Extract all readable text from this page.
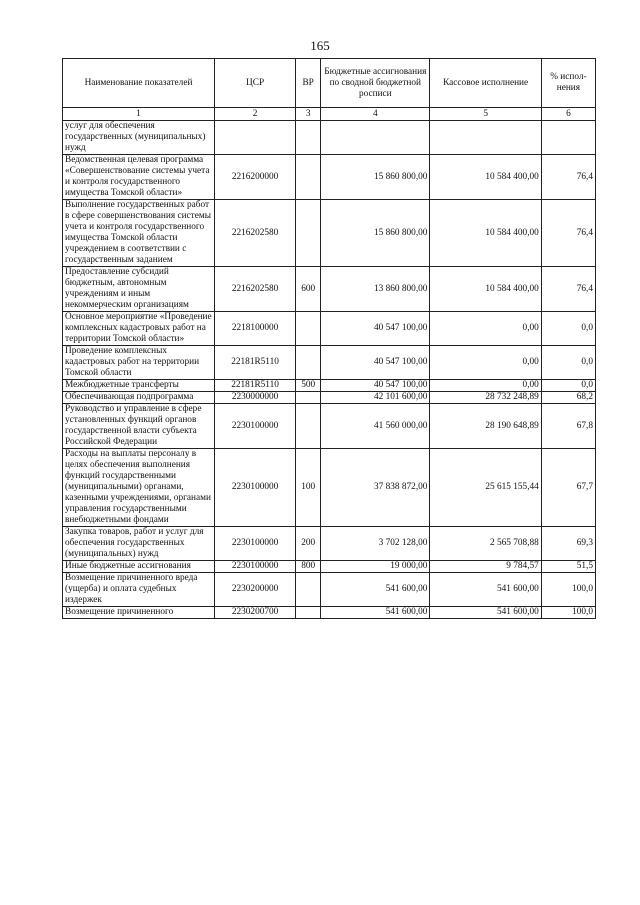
165
Наименование показателей	ЦСР	ВР	Бюджетные ассигнования по сводной бюджетной росписи	Кассовое исполнение	% испол-нения
1	2	3	4	5	6
услуг для обеспечения государственных (муниципальных) нужд					
Ведомственная целевая программа «Совершенствование системы учета и контроля государственного имущества Томской области»	2216200000		15 860 800,00	10 584 400,00	76,4
Выполнение государственных работ в сфере совершенствования системы учета и контроля государственного имущества Томской области учреждением в соответствии с государственным заданием	2216202580		15 860 800,00	10 584 400,00	76,4
Предоставление субсидий бюджетным, автономным учреждениям и иным некоммерческим организациям	2216202580	600	13 860 800,00	10 584 400,00	76,4
Основное мероприятие «Проведение комплексных кадастровых работ на территории Томской области»	2218100000		40 547 100,00	0,00	0,0
Проведение комплексных кадастровых работ на территории Томской области	22181R5110		40 547 100,00	0,00	0,0
Межбюджетные трансферты	22181R5110	500	40 547 100,00	0,00	0,0
Обеспечивающая подпрограмма	2230000000		42 101 600,00	28 732 248,89	68,2
Руководство и управление в сфере установленных функций органов государственной власти субъекта Российской Федерации	2230100000		41 560 000,00	28 190 648,89	67,8
Расходы на выплаты персоналу в целях обеспечения выполнения функций государственными (муниципальными) органами, казенными учреждениями, органами управления государственными внебюджетными фондами	2230100000	100	37 838 872,00	25 615 155,44	67,7
Закупка товаров, работ и услуг для обеспечения государственных (муниципальных) нужд	2230100000	200	3 702 128,00	2 565 708,88	69,3
Иные бюджетные ассигнования	2230100000	800	19 000,00	9 784,57	51,5
Возмещение причиненного вреда (ущерба) и оплата судебных издержек	2230200000		541 600,00	541 600,00	100,0
Возмещение причиненного	2230200700		541 600,00	541 600,00	100,0
